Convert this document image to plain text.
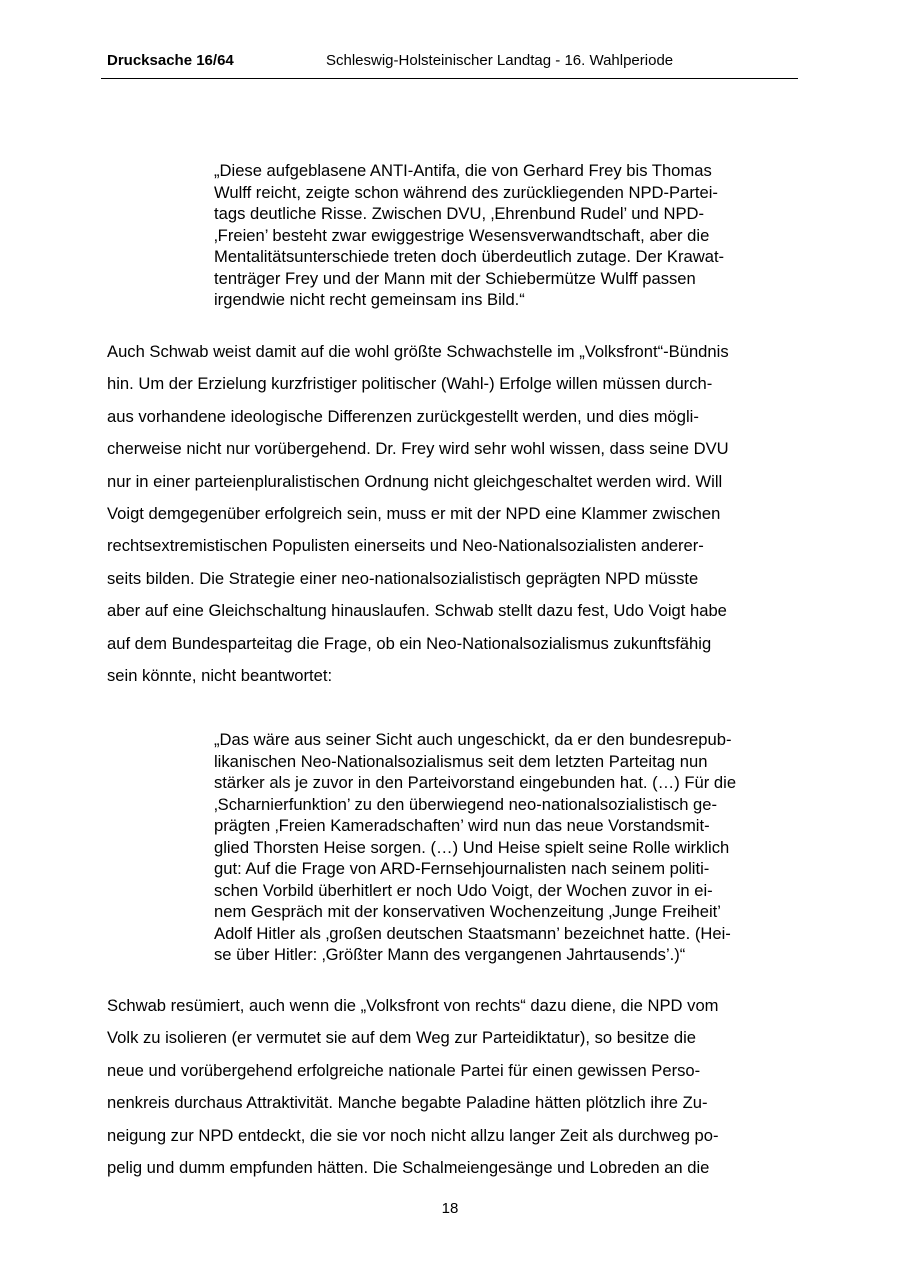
Drucksache 16/64	Schleswig-Holsteinischer Landtag - 16. Wahlperiode
„Diese aufgeblasene ANTI-Antifa, die von Gerhard Frey bis Thomas
Wulff reicht, zeigte schon während des zurückliegenden NPD-Partei-
tags deutliche Risse. Zwischen DVU, ‚Ehrenbund Rudel’ und NPD-
‚Freien’ besteht zwar ewiggestrige Wesensverwandtschaft, aber die
Mentalitätsunterschiede treten doch überdeutlich zutage. Der Krawat-
tenträger Frey und der Mann mit der Schiebermütze Wulff passen
irgendwie nicht recht gemeinsam ins Bild.“
Auch Schwab weist damit auf die wohl größte Schwachstelle im „Volksfront“-Bündnis
hin. Um der Erzielung kurzfristiger politischer (Wahl-) Erfolge willen müssen durch-
aus vorhandene ideologische Differenzen zurückgestellt werden, und dies mögli-
cherweise nicht nur vorübergehend. Dr. Frey wird sehr wohl wissen, dass seine DVU
nur in einer parteienpluralistischen Ordnung nicht gleichgeschaltet werden wird. Will
Voigt demgegenüber erfolgreich sein, muss er mit der NPD eine Klammer zwischen
rechtsextremistischen Populisten einerseits und Neo-Nationalsozialisten anderer-
seits bilden. Die Strategie einer neo-nationalsozialistisch geprägten NPD müsste
aber auf eine Gleichschaltung hinauslaufen. Schwab stellt dazu fest, Udo Voigt habe
auf dem Bundesparteitag die Frage, ob ein Neo-Nationalsozialismus zukunftsfähig
sein könnte, nicht beantwortet:
„Das wäre aus seiner Sicht auch ungeschickt, da er den bundesrepub-
likanischen Neo-Nationalsozialismus seit dem letzten Parteitag nun
stärker als je zuvor in den Parteivorstand eingebunden hat. (…) Für die
‚Scharnierfunktion’ zu den überwiegend neo-nationalsozialistisch ge-
prägten ‚Freien Kameradschaften’ wird nun das neue Vorstandsmit-
glied Thorsten Heise sorgen. (…) Und Heise spielt seine Rolle wirklich
gut: Auf die Frage von ARD-Fernsehjournalisten nach seinem politi-
schen Vorbild überhitlert er noch Udo Voigt, der Wochen zuvor in ei-
nem Gespräch mit der konservativen Wochenzeitung ‚Junge Freiheit’
Adolf Hitler als ‚großen deutschen Staatsmann’ bezeichnet hatte. (Hei-
se über Hitler: ‚Größter Mann des vergangenen Jahrtausends’.)“
Schwab resümiert, auch wenn die „Volksfront von rechts“ dazu diene, die NPD vom
Volk zu isolieren (er vermutet sie auf dem Weg zur Parteidiktatur), so besitze die
neue und vorübergehend erfolgreiche nationale Partei für einen gewissen Perso-
nenkreis durchaus Attraktivität. Manche begabte Paladine hätten plötzlich ihre Zu-
neigung zur NPD entdeckt, die sie vor noch nicht allzu langer Zeit als durchweg po-
pelig und dumm empfunden hätten. Die Schalmeiengesänge und Lobreden an die
18
